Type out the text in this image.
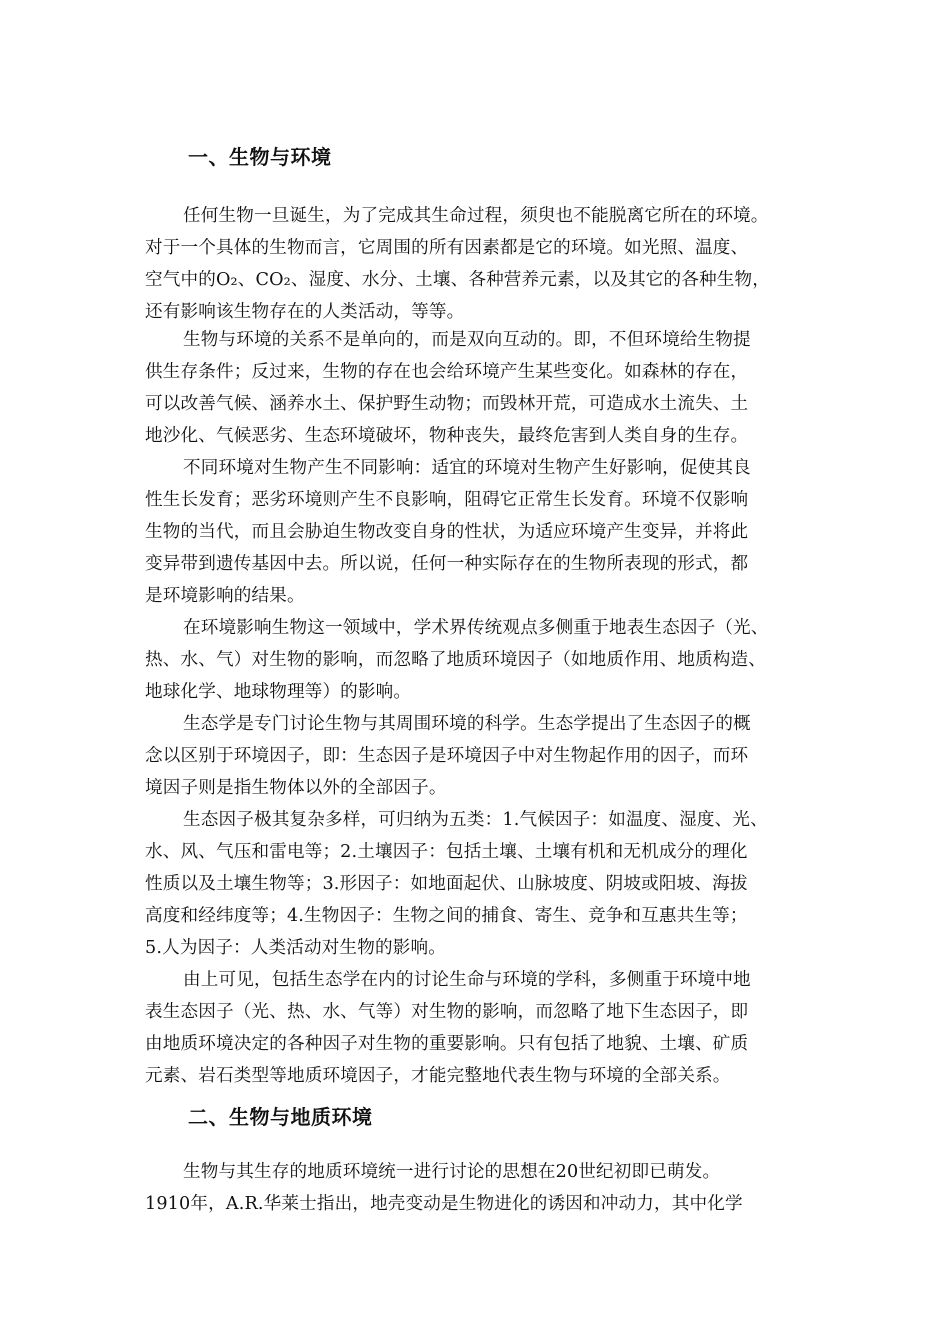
一、生物与环境
任何生物一旦诞生，为了完成其生命过程，须臾也不能脱离它所在的环境。
对于一个具体的生物而言，它周围的所有因素都是它的环境。如光照、温度、
空气中的O₂、CO₂、湿度、水分、土壤、各种营养元素，以及其它的各种生物，
还有影响该生物存在的人类活动，等等。
生物与环境的关系不是单向的，而是双向互动的。即，不但环境给生物提
供生存条件；反过来，生物的存在也会给环境产生某些变化。如森林的存在，
可以改善气候、涵养水土、保护野生动物；而毁林开荒，可造成水土流失、土
地沙化、气候恶劣、生态环境破坏，物种丧失，最终危害到人类自身的生存。
不同环境对生物产生不同影响：适宜的环境对生物产生好影响，促使其良
性生长发育；恶劣环境则产生不良影响，阻碍它正常生长发育。环境不仅影响
生物的当代，而且会胁迫生物改变自身的性状，为适应环境产生变异，并将此
变异带到遗传基因中去。所以说，任何一种实际存在的生物所表现的形式，都
是环境影响的结果。
在环境影响生物这一领域中，学术界传统观点多侧重于地表生态因子（光、
热、水、气）对生物的影响，而忽略了地质环境因子（如地质作用、地质构造、
地球化学、地球物理等）的影响。
生态学是专门讨论生物与其周围环境的科学。生态学提出了生态因子的概
念以区别于环境因子，即：生态因子是环境因子中对生物起作用的因子，而环
境因子则是指生物体以外的全部因子。
生态因子极其复杂多样，可归纳为五类：1.气候因子：如温度、湿度、光、
水、风、气压和雷电等；2.土壤因子：包括土壤、土壤有机和无机成分的理化
性质以及土壤生物等；3.形因子：如地面起伏、山脉坡度、阴坡或阳坡、海拔
高度和经纬度等；4.生物因子：生物之间的捕食、寄生、竞争和互惠共生等；
5.人为因子：人类活动对生物的影响。
由上可见，包括生态学在内的讨论生命与环境的学科，多侧重于环境中地
表生态因子（光、热、水、气等）对生物的影响，而忽略了地下生态因子，即
由地质环境决定的各种因子对生物的重要影响。只有包括了地貌、土壤、矿质
元素、岩石类型等地质环境因子，才能完整地代表生物与环境的全部关系。
二、生物与地质环境
生物与其生存的地质环境统一进行讨论的思想在20世纪初即已萌发。
1910年，A.R.华莱士指出，地壳变动是生物进化的诱因和冲动力，其中化学
